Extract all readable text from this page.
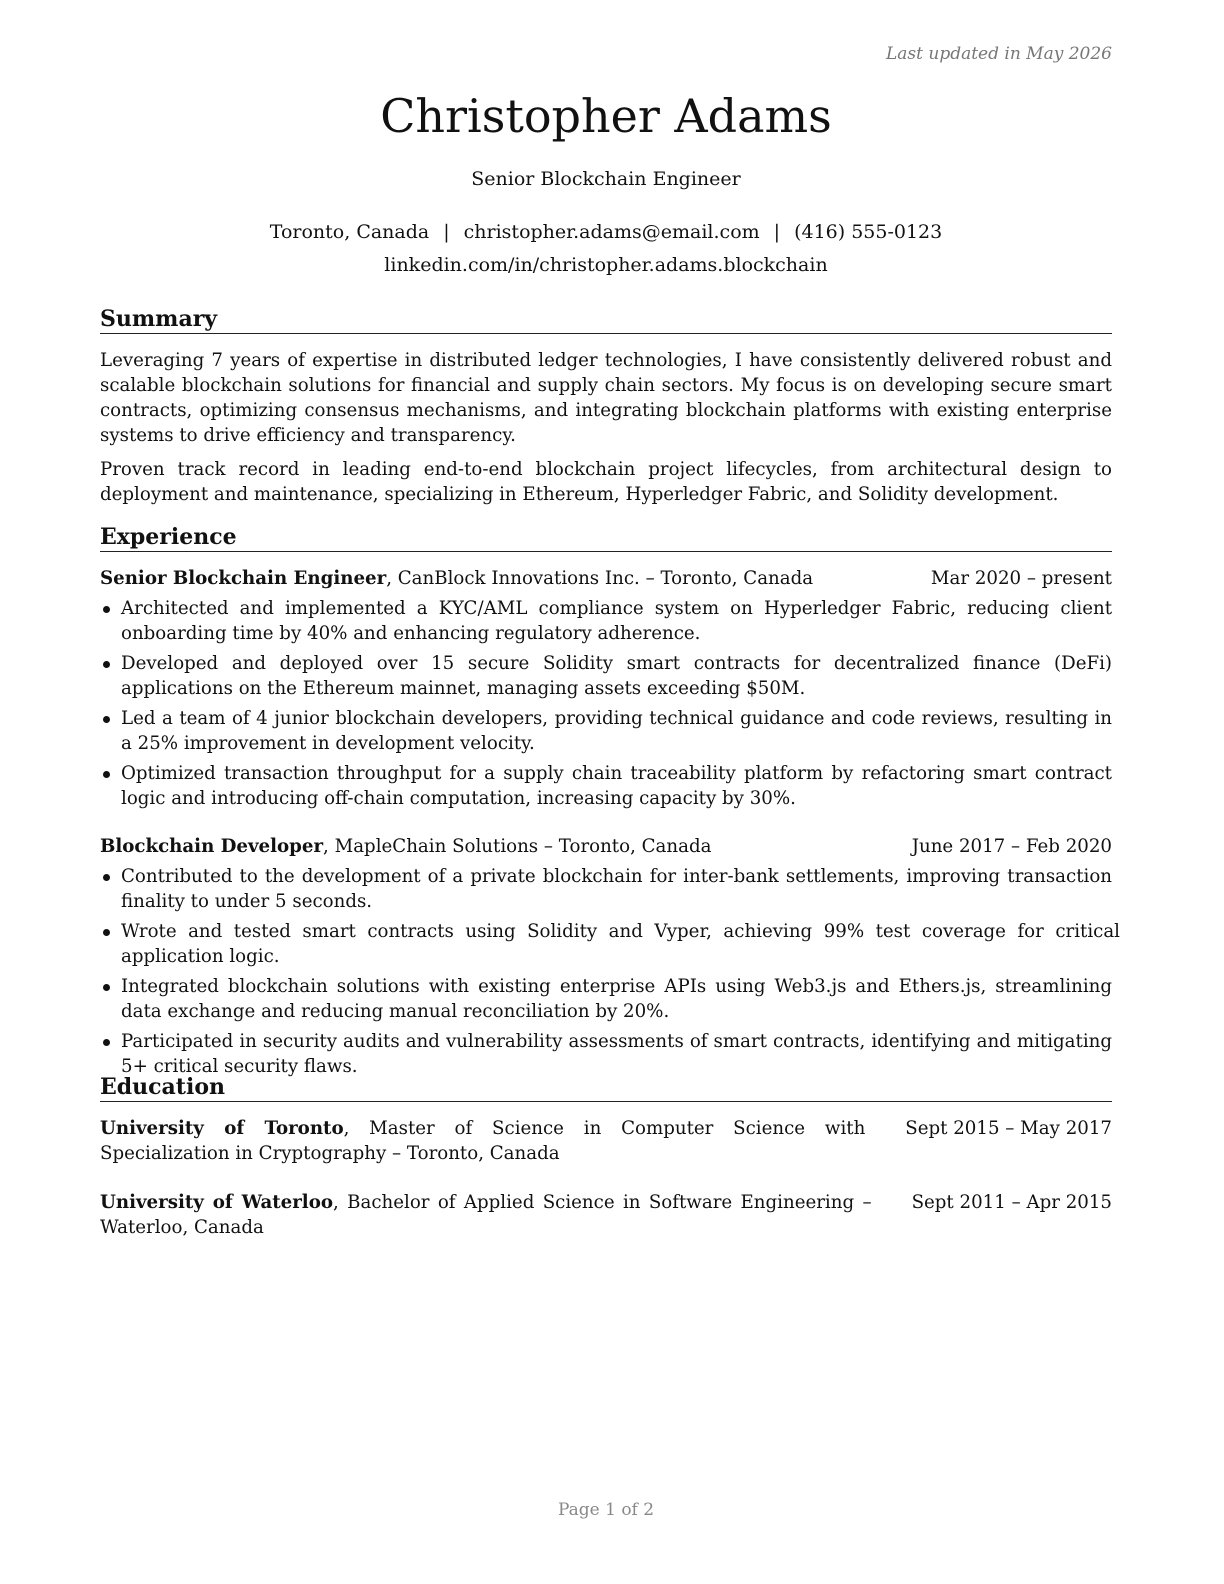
Last updated in May 2026
Christopher Adams
Senior Blockchain Engineer
Toronto, Canada | christopher.adams@email.com | (416) 555-0123
linkedin.com/in/christopher.adams.blockchain
Summary
Leveraging 7 years of expertise in distributed ledger technologies, I have consistently delivered robust and scalable blockchain solutions for financial and supply chain sectors. My focus is on developing secure smart contracts, optimizing consensus mechanisms, and integrating blockchain platforms with existing enterprise systems to drive efficiency and transparency.
Proven track record in leading end-to-end blockchain project lifecycles, from architectural design to deployment and maintenance, specializing in Ethereum, Hyperledger Fabric, and Solidity development.
Experience
Senior Blockchain Engineer, CanBlock Innovations Inc. – Toronto, Canada	Mar 2020 – present
Architected and implemented a KYC/AML compliance system on Hyperledger Fabric, reducing client onboarding time by 40% and enhancing regulatory adherence.
Developed and deployed over 15 secure Solidity smart contracts for decentralized finance (DeFi) applications on the Ethereum mainnet, managing assets exceeding $50M.
Led a team of 4 junior blockchain developers, providing technical guidance and code reviews, resulting in a 25% improvement in development velocity.
Optimized transaction throughput for a supply chain traceability platform by refactoring smart contract logic and introducing off-chain computation, increasing capacity by 30%.
Blockchain Developer, MapleChain Solutions – Toronto, Canada	June 2017 – Feb 2020
Contributed to the development of a private blockchain for inter-bank settlements, improving transaction finality to under 5 seconds.
Wrote and tested smart contracts using Solidity and Vyper, achieving 99% test coverage for critical application logic.
Integrated blockchain solutions with existing enterprise APIs using Web3.js and Ethers.js, streamlining data exchange and reducing manual reconciliation by 20%.
Participated in security audits and vulnerability assessments of smart contracts, identifying and mitigating 5+ critical security flaws.
Education
University of Toronto, Master of Science in Computer Science with Specialization in Cryptography – Toronto, Canada
Sept 2015 – May 2017
University of Waterloo, Bachelor of Applied Science in Software Engineering – Waterloo, Canada
Sept 2011 – Apr 2015
Page 1 of 2
